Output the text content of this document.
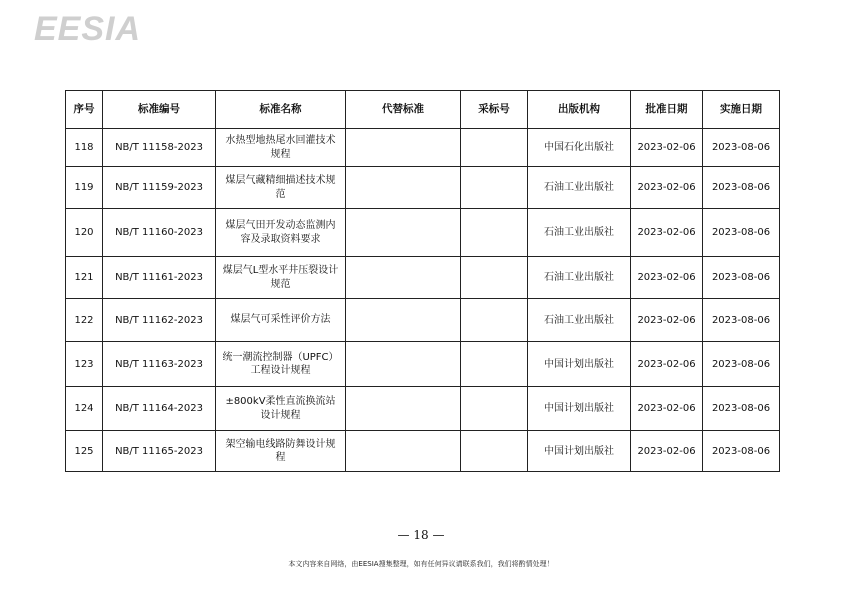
EESIA
序号	标准编号	标准名称	代替标准	采标号	出版机构	批准日期	实施日期
118	NB/T 11158-2023	水热型地热尾水回灌技术规程			中国石化出版社	2023-02-06	2023-08-06
119	NB/T 11159-2023	煤层气藏精细描述技术规范			石油工业出版社	2023-02-06	2023-08-06
120	NB/T 11160-2023	煤层气田开发动态监测内容及录取资料要求			石油工业出版社	2023-02-06	2023-08-06
121	NB/T 11161-2023	煤层气L型水平井压裂设计规范			石油工业出版社	2023-02-06	2023-08-06
122	NB/T 11162-2023	煤层气可采性评价方法			石油工业出版社	2023-02-06	2023-08-06
123	NB/T 11163-2023	统一潮流控制器（UPFC）工程设计规程			中国计划出版社	2023-02-06	2023-08-06
124	NB/T 11164-2023	±800kV柔性直流换流站设计规程			中国计划出版社	2023-02-06	2023-08-06
125	NB/T 11165-2023	架空输电线路防舞设计规程			中国计划出版社	2023-02-06	2023-08-06
— 18 —
本文内容来自网络，由EESIA搜集整理，如有任何异议请联系我们，我们将酌情处理！
